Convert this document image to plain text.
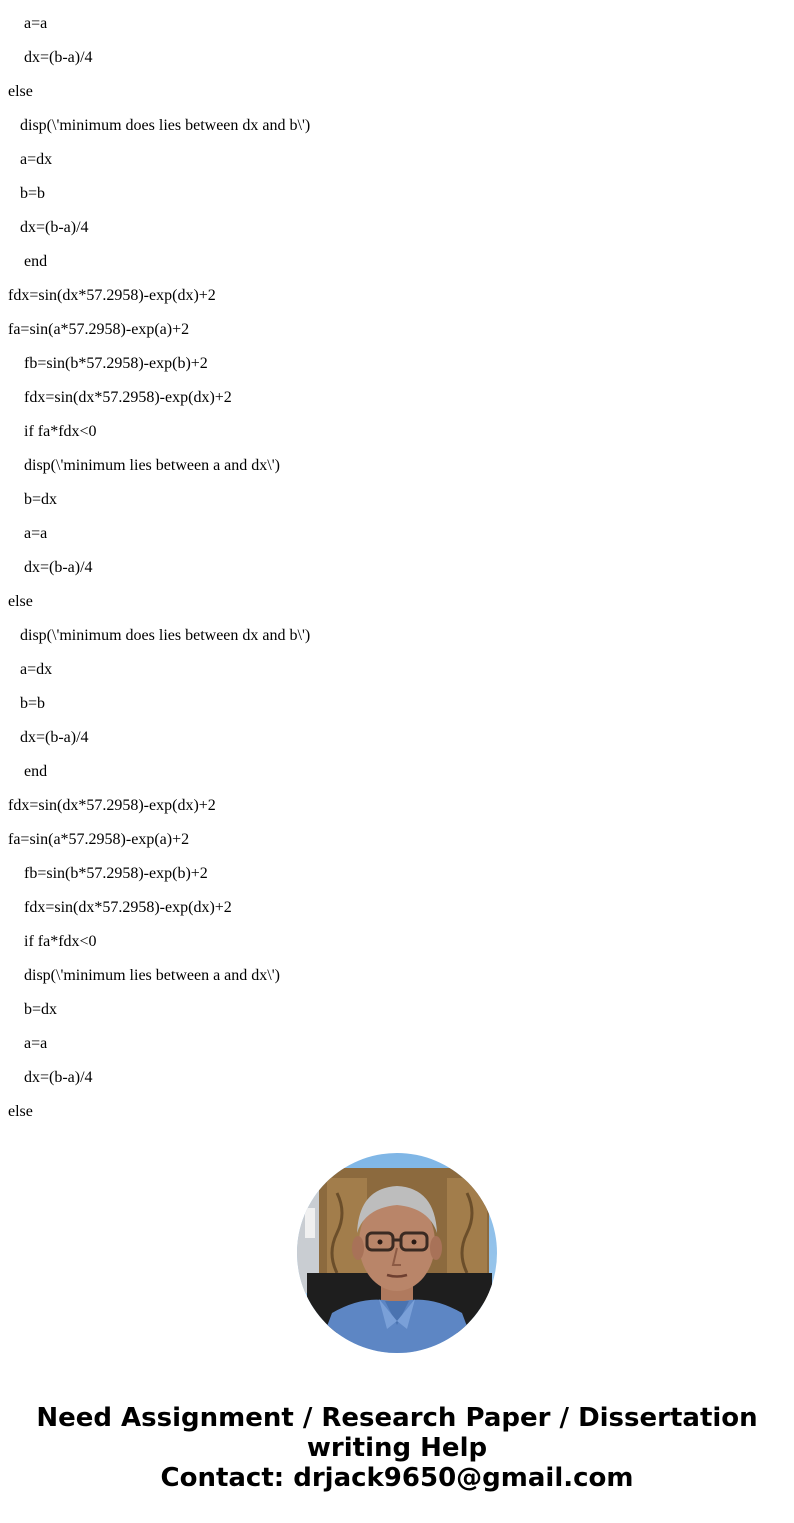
a=a
dx=(b-a)/4
else
disp(\'minimum does lies between dx and b\')
a=dx
b=b
dx=(b-a)/4
end
fdx=sin(dx*57.2958)-exp(dx)+2
fa=sin(a*57.2958)-exp(a)+2
fb=sin(b*57.2958)-exp(b)+2
fdx=sin(dx*57.2958)-exp(dx)+2
if fa*fdx<0
disp(\'minimum lies between a and dx\')
b=dx
a=a
dx=(b-a)/4
else
disp(\'minimum does lies between dx and b\')
a=dx
b=b
dx=(b-a)/4
end
fdx=sin(dx*57.2958)-exp(dx)+2
fa=sin(a*57.2958)-exp(a)+2
fb=sin(b*57.2958)-exp(b)+2
fdx=sin(dx*57.2958)-exp(dx)+2
if fa*fdx<0
disp(\'minimum lies between a and dx\')
b=dx
a=a
dx=(b-a)/4
else
Need Assignment / Research Paper / Dissertation
writing Help
Contact: drjack9650@gmail.com
